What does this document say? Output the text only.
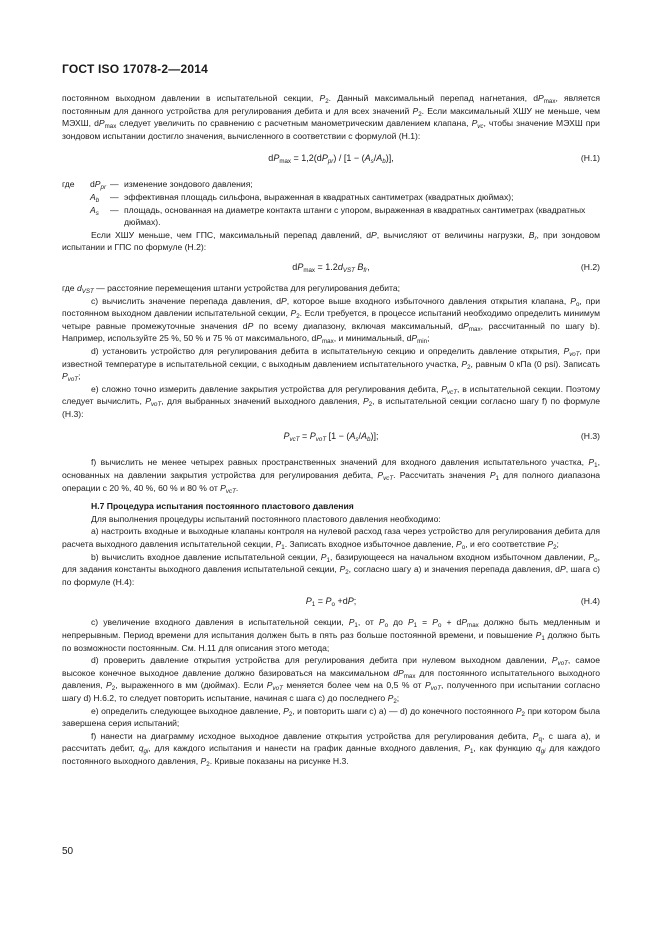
ГОСТ ISO 17078-2—2014

постоянном выходном давлении в испытательной секции, $P_2$. Данный максимальный перепад нагнетания, $dP_{max}$, является постоянным для данного устройства для регулирования дебита и для всех значений $P_2$. Если максимальный ХШУ не меньше, чем МЭХШ, $dP_{max}$ следует увеличить по сравнению с расчетным манометрическим давлением клапана, $P_{vc}$, чтобы значение МЭХШ при зондовом испытании достигло значения, вычисленного в соответствии с формулой (Н.1):

$dP_{max} = 1,2(dP_{pr}) / [1 - (A_s/A_b)]$,	(Н.1)
где	$dP_{pr}$ — изменение зондового давления;
$A_b$	— эффективная площадь сильфона, выраженная в квадратных сантиметрах (квадратных дюймах);
$A_s$	— площадь, основанная на диаметре контакта штанги с упором, выраженная в квадратных сантиметрах (квадратных дюймах).

Если ХШУ меньше, чем ГПС, максимальный перепад давлений, dP, вычисляют от величины нагрузки, $B_r$, при зондовом испытании и ГПС по формуле (Н.2):

$dP_{max} = 1.2d_{VST}$ $B_{fr}$,	(Н.2)

где $d_{VST}$ — расстояние перемещения штанги устройства для регулирования дебита;

c) вычислить значение перепада давления, dP, которое выше входного избыточного давления открытия клапана, $P_o$, при постоянном выходном давлении испытательной секции, $P_2$. Если требуется, в процессе испытаний необходимо определить минимум четыре равные промежуточные значения dP по всему диапазону, включая максимальный, $dP_{max}$, рассчитанный по шагу b). Например, используйте 25 %, 50 % и 75 % от максимального, $dP_{max}$, и минимальный, $dP_{min}$;

d) установить устройство для регулирования дебита в испытательную секцию и определить давление открытия, $P_{voT}$, при известной температуре в испытательной секции, с выходным давлением испытательного участка, $P_2$, равным 0 кПа (0 psi). Записать $P_{voT}$;

e) сложно точно измерить давление закрытия устройства для регулирования дебита, $P_{vcT}$, в испытательной секции. Поэтому следует вычислить, $P_{voT}$, для выбранных значений выходного давления, $P_2$, в испытательной секции согласно шагу f) по формуле (Н.3):

$P_{vcT} = P_{voT}$ $[1 - (A_s/A_b)]$;	(Н.3)

f) вычислить не менее четырех равных пространственных значений для входного давления испытательного участка, $P_1$, основанных на давлении закрытия устройства для регулирования дебита, $P_{vcT}$. Рассчитать значения $P_1$ для полного диапазона операции с 20 %, 40 %, 60 % и 80 % от $P_{vcT}$.

Н.7 Процедура испытания постоянного пластового давления

Для выполнения процедуры испытаний постоянного пластового давления необходимо:

а) настроить входные и выходные клапаны контроля на нулевой расход газа через устройство для регулирования дебита для расчета выходного давления испытательной секции, $P_1$. Записать входное избыточное давление, $P_o$, и его соответствие $P_2$;

b) вычислить входное давление испытательной секции, $P_1$, базирующееся на начальном входном избыточном давлении, $P_o$, для задания константы выходного давления испытательной секции, $P_2$, согласно шагу а) и значения перепада давления, dP, шага c) по формуле (Н.4):

$P_1 = P_o +dP$;	(Н.4)

c) увеличение входного давления в испытательной секции, $P_1$, от $P_o$ до $P_1 = P_o + dP_{max}$ должно быть медленным и непрерывным. Период времени для испытания должен быть в пять раз больше постоянной времени, и повышение $P_1$ должно быть по возможности постоянным. См. Н.11 для описания этого метода;

d) проверить давление открытия устройства для регулирования дебита при нулевом выходном давлении, $P_{voT}$, самое высокое конечное выходное давление должно базироваться на максимальном $dP_{max}$ для постоянного испытательного выходного давления, $P_2$, выраженного в мм (дюймах). Если $P_{voT}$ меняется более чем на 0,5 % от $P_{voT}$, полученного при испытании согласно шагу d) Н.6.2, то следует повторить испытание, начиная с шага c) до последнего $P_2$;

e) определить следующее выходное давление, $P_2$, и повторить шаги c) а) — d) до конечного постоянного $P_2$ при котором была завершена серия испытаний;

f) нанести на диаграмму исходное выходное давление открытия устройства для регулирования дебита, $P_q$, c шага а), и рассчитать дебит, $q_{gi}$, для каждого испытания и нанести на график данные входного давления, $P_1$, как функцию $q_{gi}$ для каждого постоянного выходного давления, $P_2$. Кривые показаны на рисунке Н.3.

50
